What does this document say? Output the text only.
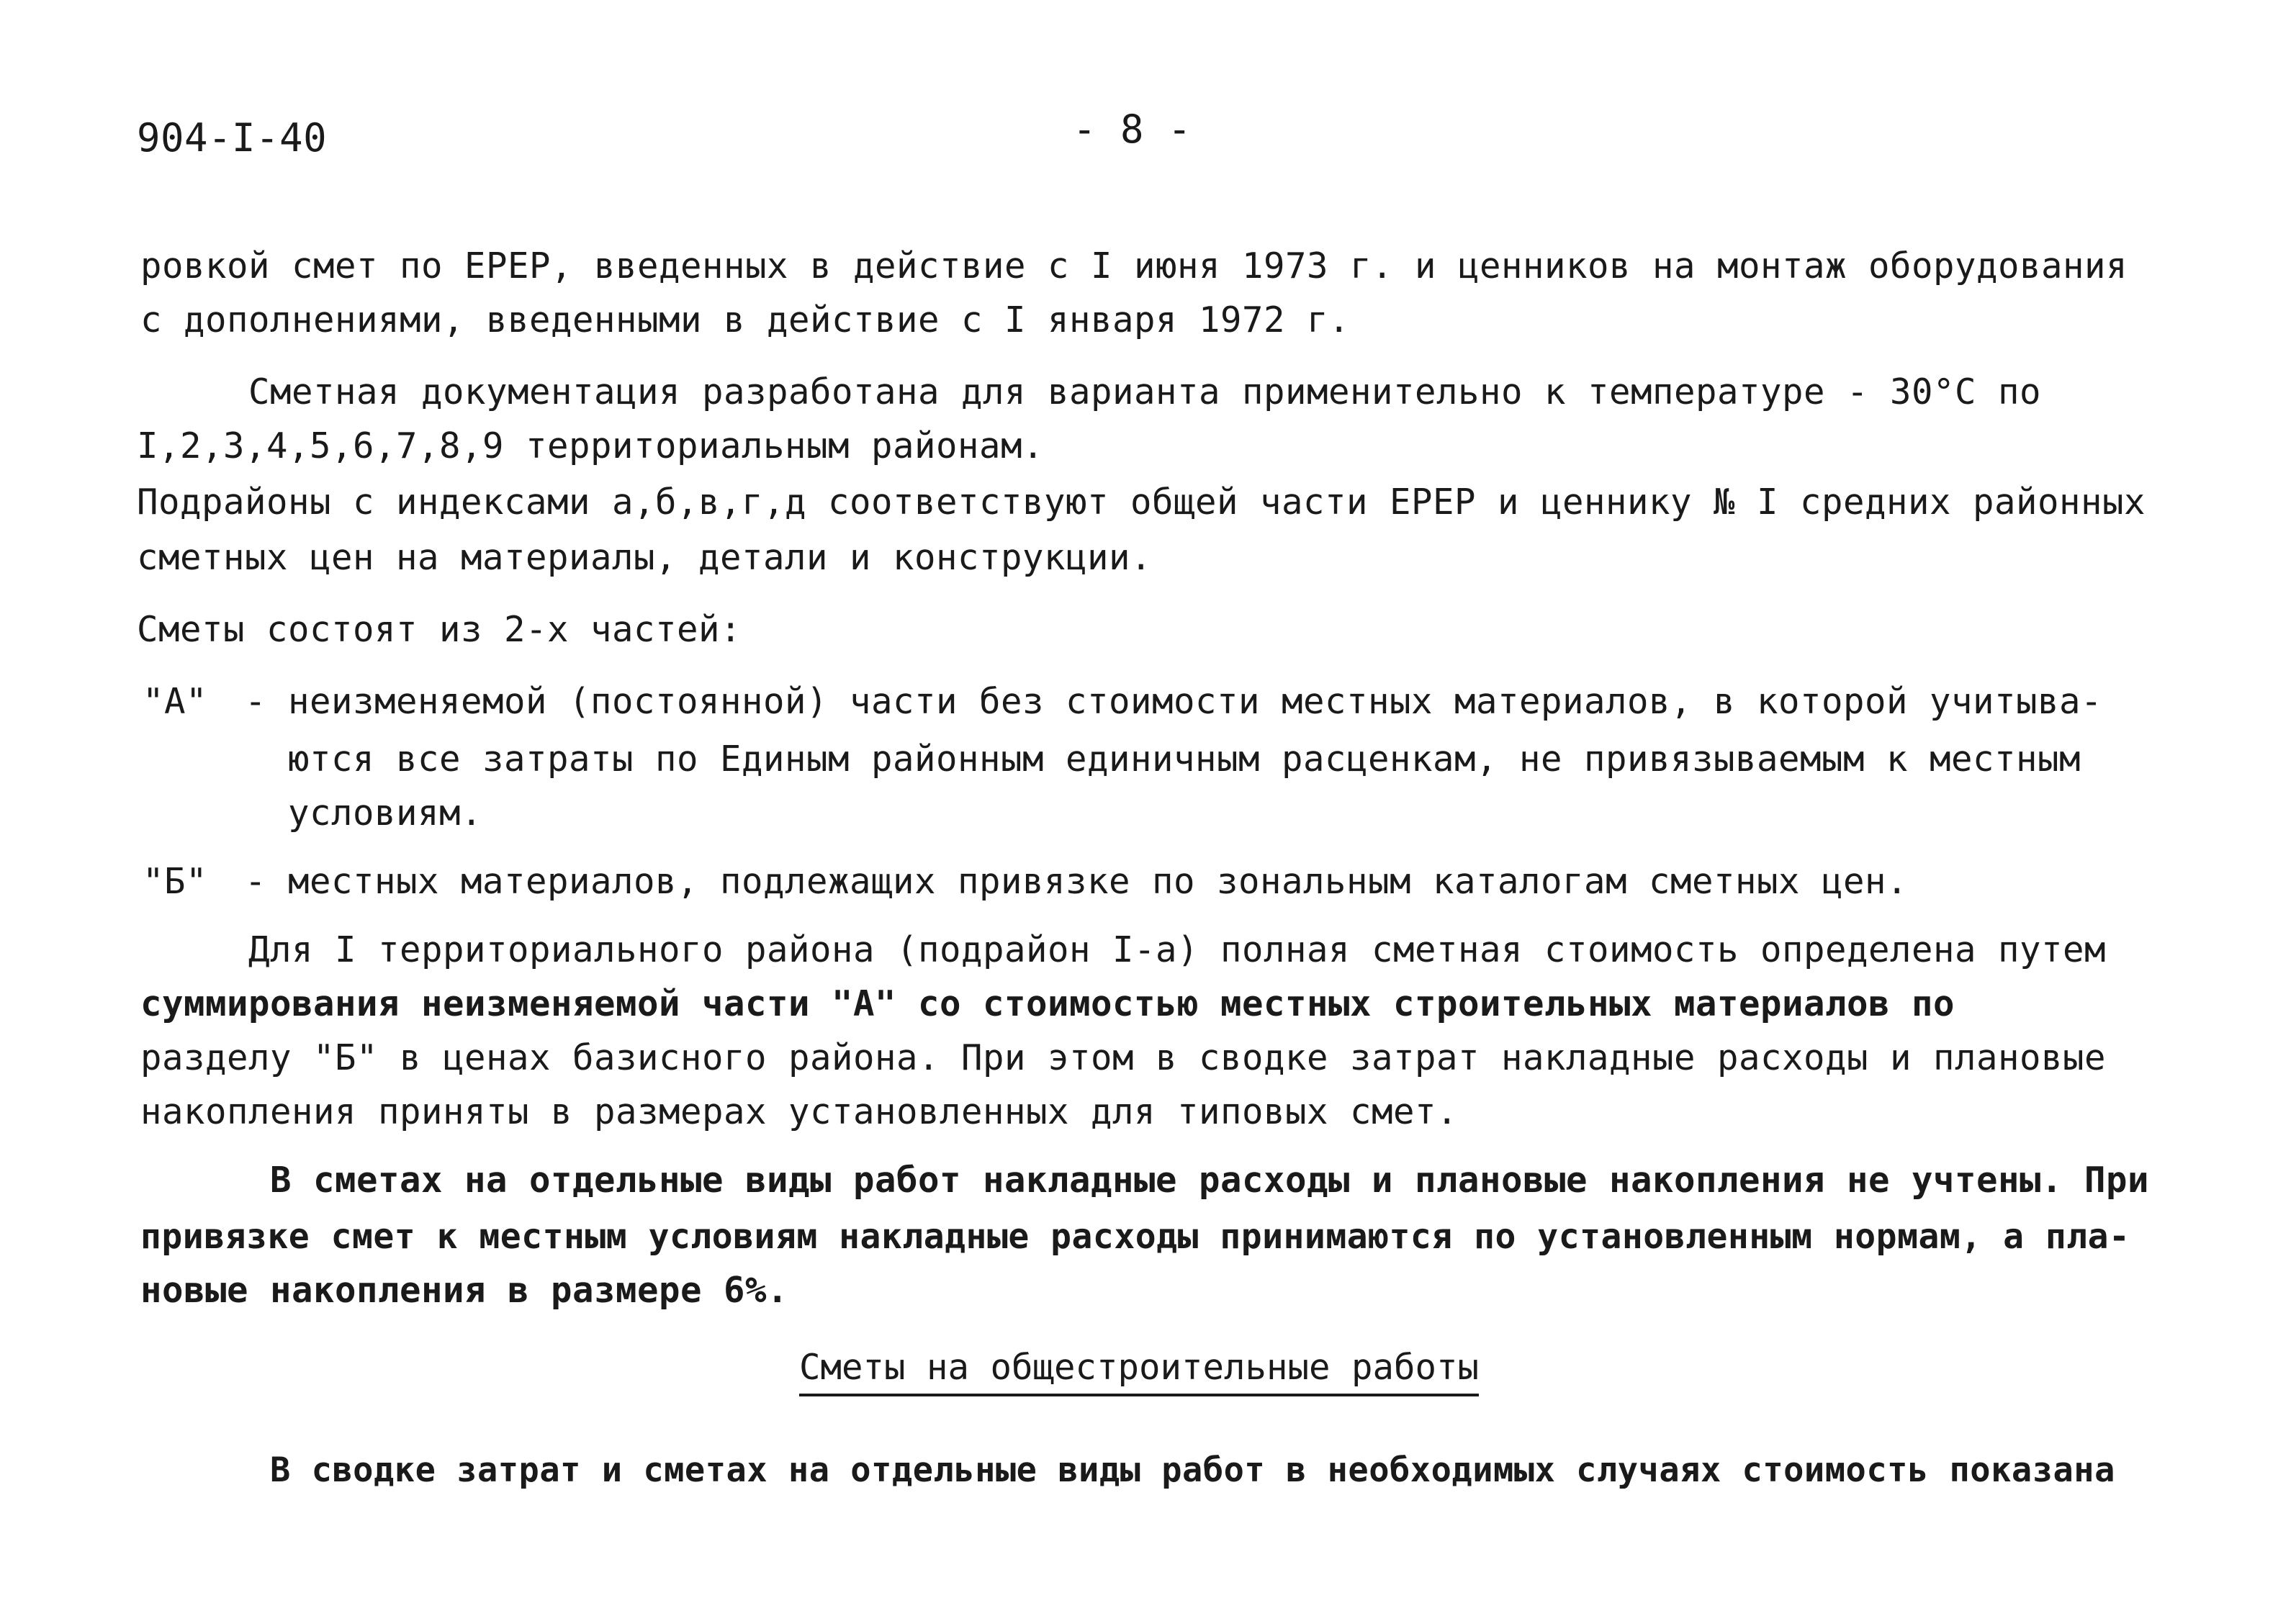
904-I-40	- 8 -
ровкой смет по ЕРЕР, введенных в действие с I июня 1973 г. и ценников на монтаж оборудования
с дополнениями, введенными в действие с I января 1972 г.
Сметная документация разработана для варианта применительно к температуре - 30°С по
I,2,3,4,5,6,7,8,9 территориальным районам.
Подрайоны с индексами а,б,в,г,д соответствуют общей части ЕРЕР и ценнику № I средних районных
сметных цен на материалы, детали и конструкции.
Сметы состоят из 2-х частей:
"А" - неизменяемой (постоянной) части без стоимости местных материалов, в которой учитыва-
ются все затраты по Единым районным единичным расценкам, не привязываемым к местным
условиям.
"Б" - местных материалов, подлежащих привязке по зональным каталогам сметных цен.
Для I территориального района (подрайон I-а) полная сметная стоимость определена путем
суммирования неизменяемой части "А" со стоимостью местных строительных материалов по
разделу "Б" в ценах базисного района. При этом в сводке затрат накладные расходы и плановые
накопления приняты в размерах установленных для типовых смет.
В сметах на отдельные виды работ накладные расходы и плановые накопления не учтены. При
привязке смет к местным условиям накладные расходы принимаются по установленным нормам, а пла-
новые накопления в размере 6%.
Сметы на общестроительные работы
В сводке затрат и сметах на отдельные виды работ в необходимых случаях стоимость показана
